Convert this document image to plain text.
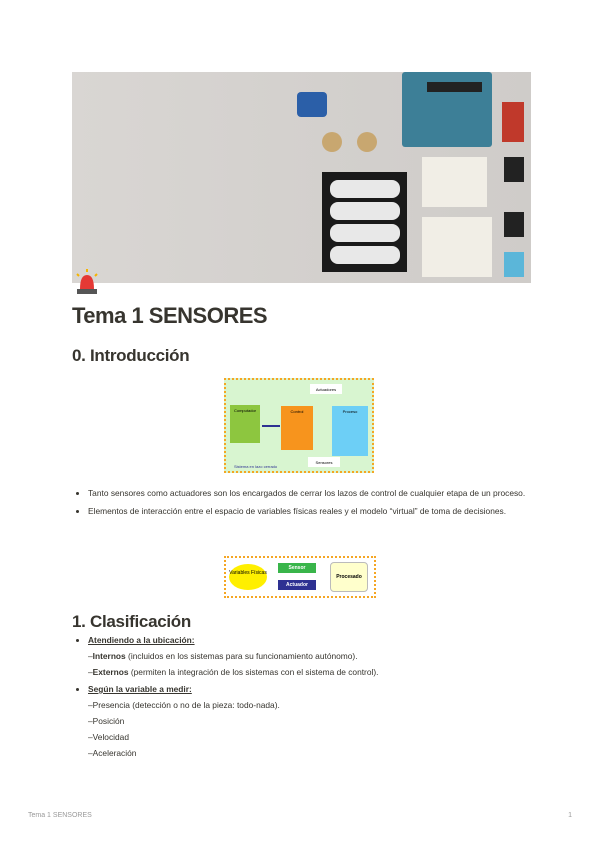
Tema 1 SENSORES
0. Introducción
Computador	Control	Proceso
Actuadores
Sensores
Sistema en lazo cerrado
• Tanto sensores como actuadores son los encargados de cerrar los lazos de control de cualquier etapa de un proceso.
• Elementos de interacción entre el espacio de variables físicas reales y el modelo “virtual” de toma de decisiones.
Variables Físicas
Sensor
Actuador
Procesado
1. Clasificación
• Atendiendo a la ubicación:
–Internos (incluidos en los sistemas para su funcionamiento autónomo).
–Externos (permiten la integración de los sistemas con el sistema de control).
• Según la variable a medir:
–Presencia (detección o no de la pieza: todo-nada).
–Posición
–Velocidad
–Aceleración
Tema 1 SENSORES	1
